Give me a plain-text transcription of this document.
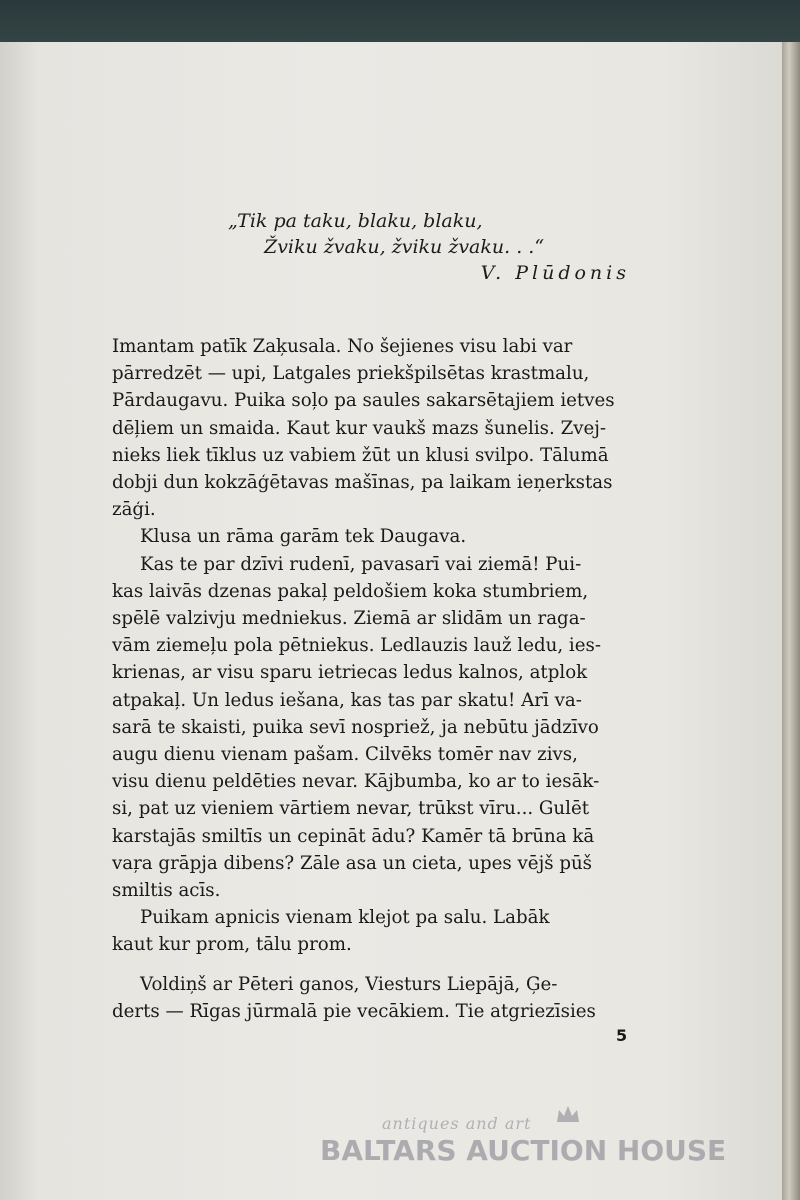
„Tik pa taku, blaku, blaku,
Žviku žvaku, žviku žvaku. . .“
V. Plūdonis
Imantam patīk Zaķusala. No šejienes visu labi var
pārredzēt — upi, Latgales priekšpilsētas krastmalu,
Pārdaugavu. Puika soļo pa saules sakarsētajiem ietves
dēļiem un smaida. Kaut kur vaukš mazs šunelis. Zvej-
nieks liek tīklus uz vabiem žūt un klusi svilpo. Tālumā
dobji dun kokzāģētavas mašīnas, pa laikam ieņerkstas
zāģi.
Klusa un rāma garām tek Daugava.
Kas te par dzīvi rudenī, pavasarī vai ziemā! Pui-
kas laivās dzenas pakaļ peldošiem koka stumbriem,
spēlē valzivju medniekus. Ziemā ar slidām un raga-
vām ziemeļu pola pētniekus. Ledlauzis lauž ledu, ies-
krienas, ar visu sparu ietriecas ledus kalnos, atplok
atpakaļ. Un ledus iešana, kas tas par skatu! Arī va-
sarā te skaisti, puika sevī nospriež, ja nebūtu jādzīvo
augu dienu vienam pašam. Cilvēks tomēr nav zivs,
visu dienu peldēties nevar. Kājbumba, ko ar to iesāk-
si, pat uz vieniem vārtiem nevar, trūkst vīru... Gulēt
karstajās smiltīs un cepināt ādu? Kamēr tā brūna kā
vaŗa grāpja dibens? Zāle asa un cieta, upes vējš pūš
smiltis acīs.
Puikam apnicis vienam klejot pa salu. Labāk
kaut kur prom, tālu prom.
Voldiņš ar Pēteri ganos, Viesturs Liepājā, Ģe-
derts — Rīgas jūrmalā pie vecākiem. Tie atgriezīsies
5
antiques and art
BALTARS AUCTION HOUSE
